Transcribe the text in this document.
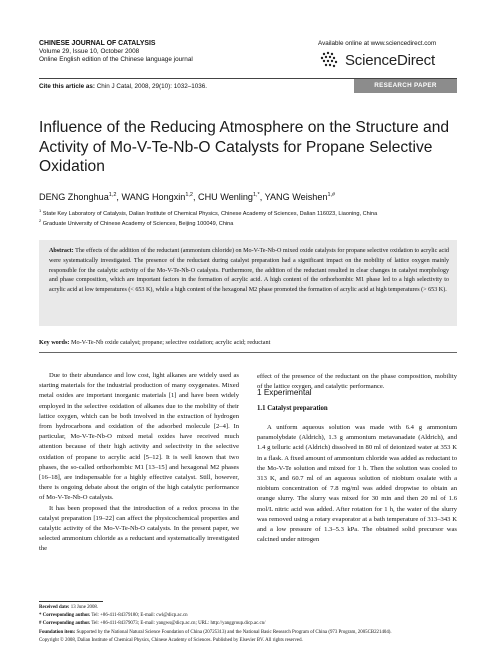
CHINESE JOURNAL OF CATALYSIS
Volume 29, Issue 10, October 2008
Online English edition of the Chinese language journal
Available online at www.sciencedirect.com
ScienceDirect
Cite this article as: Chin J Catal, 2008, 29(10): 1032–1036.	RESEARCH PAPER
Influence of the Reducing Atmosphere on the Structure and Activity of Mo-V-Te-Nb-O Catalysts for Propane Selective Oxidation
DENG Zhonghua$^{1,2}$, WANG Hongxin$^{1,2}$, CHU Wenling$^{1,*}$, YANG Weishen$^{1,\#}$
$^1$ State Key Laboratory of Catalysis, Dalian Institute of Chemical Physics, Chinese Academy of Sciences, Dalian 116023, Liaoning, China
$^2$ Graduate University of Chinese Academy of Sciences, Beijing 100049, China
Abstract: The effects of the addition of the reductant (ammonium chloride) on Mo-V-Te-Nb-O mixed oxide catalysts for propane selective oxidation to acrylic acid were systematically investigated. The presence of the reductant during catalyst preparation had a significant impact on the mobility of lattice oxygen mainly responsible for the catalytic activity of the Mo-V-Te-Nb-O catalysts. Furthermore, the addition of the reductant resulted in clear changes in catalyst morphology and phase composition, which are important factors in the formation of acrylic acid. A high content of the orthorhombic M1 phase led to a high selectivity to acrylic acid at low temperatures (< 653 K), while a high content of the hexagonal M2 phase promoted the formation of acrylic acid at high temperatures (> 653 K).
Key words: Mo-V-Te-Nb oxide catalyst; propane; selective oxidation; acrylic acid; reductant

Due to their abundance and low cost, light alkanes are widely used as starting materials for the industrial production of many oxygenates. Mixed metal oxides are important inorganic materials [1] and have been widely employed in the selective oxidation of alkanes due to the mobility of their lattice oxygen, which can be both involved in the extraction of hydrogen from hydrocarbons and oxidation of the adsorbed molecule [2–4]. In particular, Mo-V-Te-Nb-O mixed metal oxides have received much attention because of their high activity and selectivity in the selective oxidation of propane to acrylic acid [5–12]. It is well known that two phases, the so-called orthorhombic M1 [13–15] and hexagonal M2 phases [16–18], are indispensable for a highly effective catalyst. Still, however, there is ongoing debate about the origin of the high catalytic performance of Mo-V-Te-Nb-O catalysts.

It has been proposed that the introduction of a redox process in the catalyst preparation [19–22] can affect the physicochemical properties and catalytic activity of the Mo-V-Te-Nb-O catalysts. In the present paper, we selected ammonium chloride as a reductant and systematically investigated the

effect of the presence of the reductant on the phase composition, mobility of the lattice oxygen, and catalytic performance.

1 Experimental
1.1 Catalyst preparation

A uniform aqueous solution was made with 6.4 g ammonium paramolybdate (Aldrich), 1.3 g ammonium metavanadate (Aldrich), and 1.4 g telluric acid (Aldrich) dissolved in 80 ml of deionized water at 353 K in a flask. A fixed amount of ammonium chloride was added as reductant to the Mo-V-Te solution and mixed for 1 h. Then the solution was cooled to 313 K, and 60.7 ml of an aqueous solution of niobium oxalate with a niobium concentration of 7.8 mg/ml was added dropwise to obtain an orange slurry. The slurry was mixed for 30 min and then 20 ml of 1.6 mol/L nitric acid was added. After rotation for 1 h, the water of the slurry was removed using a rotary evaporator at a bath temperature of 313–343 K and a low pressure of 1.3–5.3 kPa. The obtained solid precursor was calcined under nitrogen

Received date: 13 June 2008.
* Corresponding author. Tel: +86-411-84379180; E-mail: cwl@dicp.ac.cn
# Corresponding author. Tel: +86-411-84379073; E-mail: yangws@dicp.ac.cn; URL: http://yanggroup.dicp.ac.cn/
Foundation item: Supported by the National Natural Science Foundation of China (20725313) and the National Basic Research Program of China (973 Program, 2005CB221404).
Copyright © 2008, Dalian Institute of Chemical Physics, Chinese Academy of Sciences. Published by Elsevier BV. All rights reserved.
